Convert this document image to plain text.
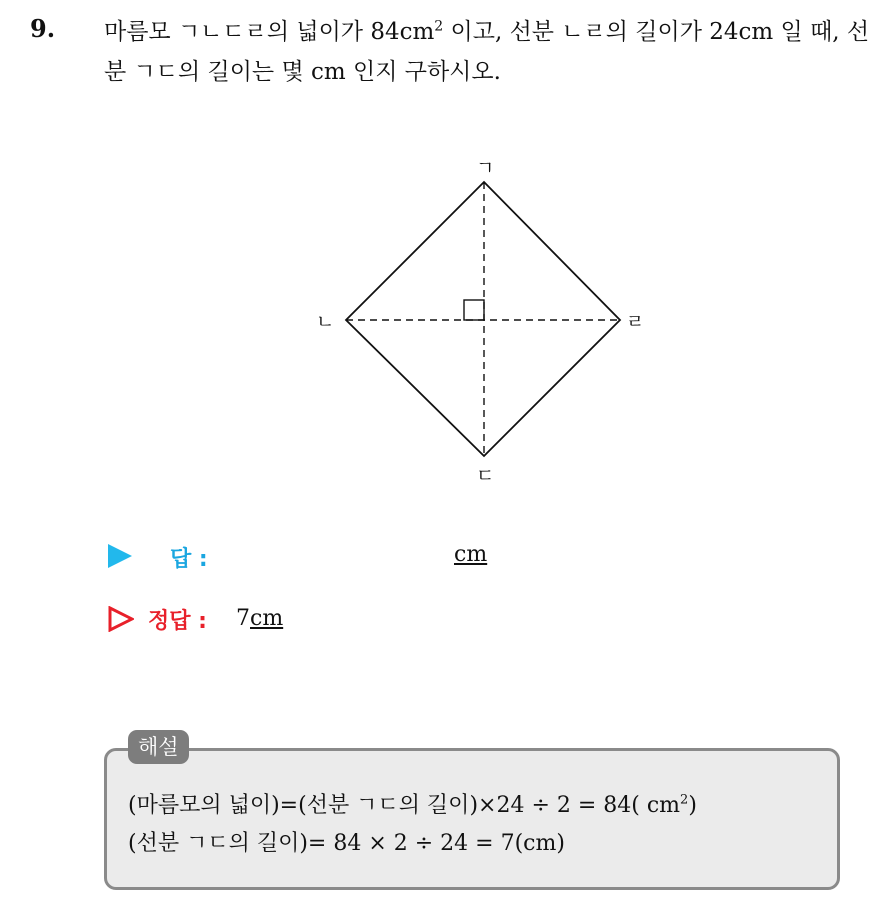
9. 마름모 ㄱㄴㄷㄹ의 넓이가 $84cm^2$ 이고, 선분 ㄴㄹ의 길이가 24cm 일 때, 선분 ㄱㄷ의 길이는 몇 cm 인지 구하시오.

ㄱ
ㄴ
ㄷ
ㄹ
답 :	cm
정답 : 7cm
해설

(마름모의 넓이)=(선분 ㄱㄷ의 길이)×24 ÷ 2 = 84( $cm^2$)

(선분 ㄱㄷ의 길이)= 84 × 2 ÷ 24 = 7(cm)
